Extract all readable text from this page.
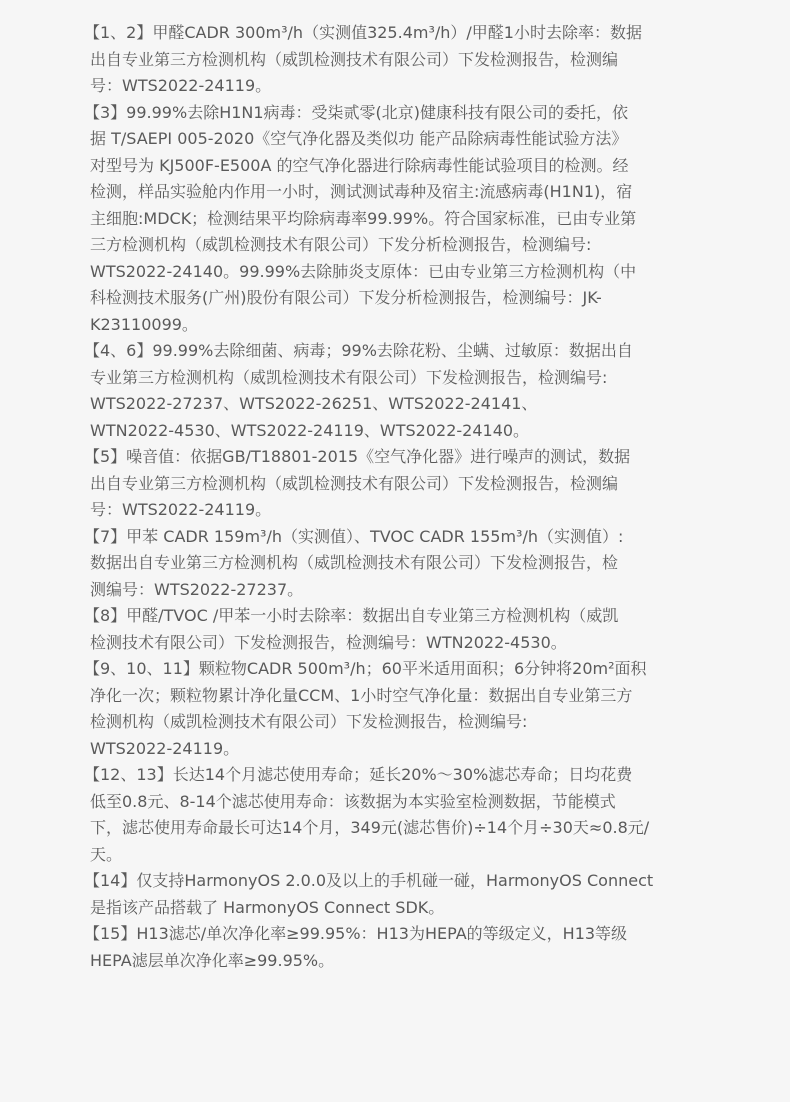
【1、2】甲醛CADR 300m³/h（实测值325.4m³/h）/甲醛1小时去除率：数据
出自专业第三方检测机构（威凯检测技术有限公司）下发检测报告，检测编
号：WTS2022-24119。
【3】99.99%去除H1N1病毒：受柒贰零(北京)健康科技有限公司的委托，依
据 T/SAEPI 005-2020《空气净化器及类似功 能产品除病毒性能试验方法》
对型号为 KJ500F-E500A 的空气净化器进行除病毒性能试验项目的检测。经
检测，样品实验舱内作用一小时，测试测试毒种及宿主:流感病毒(H1N1)，宿
主细胞:MDCK；检测结果平均除病毒率99.99%。符合国家标准，已由专业第
三方检测机构（威凯检测技术有限公司）下发分析检测报告，检测编号:
WTS2022-24140。99.99%去除肺炎支原体：已由专业第三方检测机构（中
科检测技术服务(广州)股份有限公司）下发分析检测报告，检测编号：JK-
K23110099。
【4、6】99.99%去除细菌、病毒；99%去除花粉、尘螨、过敏原：数据出自
专业第三方检测机构（威凯检测技术有限公司）下发检测报告，检测编号:
WTS2022-27237、WTS2022-26251、WTS2022-24141、
WTN2022-4530、WTS2022-24119、WTS2022-24140。
【5】噪音值：依据GB/T18801-2015《空气净化器》进行噪声的测试，数据
出自专业第三方检测机构（威凯检测技术有限公司）下发检测报告，检测编
号：WTS2022-24119。
【7】甲苯 CADR 159m³/h（实测值）、TVOC CADR 155m³/h（实测值）:
数据出自专业第三方检测机构（威凯检测技术有限公司）下发检测报告，检
测编号：WTS2022-27237。
【8】甲醛/TVOC /甲苯一小时去除率：数据出自专业第三方检测机构（威凯
检测技术有限公司）下发检测报告，检测编号：WTN2022-4530。
【9、10、11】颗粒物CADR 500m³/h；60平米适用面积；6分钟将20m²面积
净化一次；颗粒物累计净化量CCM、1小时空气净化量：数据出自专业第三方
检测机构（威凯检测技术有限公司）下发检测报告，检测编号:
WTS2022-24119。
【12、13】长达14个月滤芯使用寿命；延长20%～30%滤芯寿命；日均花费
低至0.8元、8-14个滤芯使用寿命：该数据为本实验室检测数据，节能模式
下，滤芯使用寿命最长可达14个月，349元(滤芯售价)÷14个月÷30天≈0.8元/
天。
【14】仅支持HarmonyOS 2.0.0及以上的手机碰一碰，HarmonyOS Connect
是指该产品搭载了 HarmonyOS Connect SDK。
【15】H13滤芯/单次净化率≥99.95%：H13为HEPA的等级定义，H13等级
HEPA滤层单次净化率≥99.95%。
